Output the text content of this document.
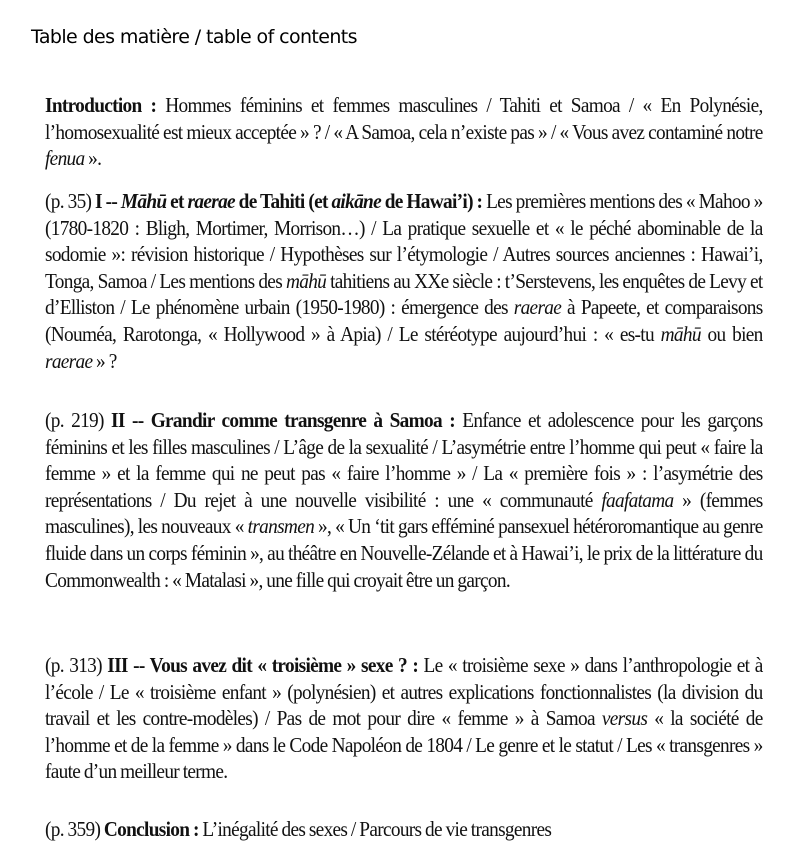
Table des matière / table of contents

Introduction : Hommes féminins et femmes masculines / Tahiti et Samoa / « En Polynésie, l’homosexualité est mieux acceptée » ? / « A Samoa, cela n’existe pas » / « Vous avez contaminé notre fenua ».

(p. 35) I -- Māhū et raerae de Tahiti (et aikāne de Hawai’i) : Les premières mentions des « Mahoo » (1780-1820 : Bligh, Mortimer, Morrison…) / La pratique sexuelle et « le péché abominable de la sodomie »: révision historique / Hypothèses sur l’étymologie / Autres sources anciennes : Hawai’i, Tonga, Samoa / Les mentions des māhū tahitiens au XXe siècle : t’Serstevens, les enquêtes de Levy et d’Elliston / Le phénomène urbain (1950-1980) : émergence des raerae à Papeete, et comparaisons (Nouméa, Rarotonga, « Hollywood » à Apia) / Le stéréotype aujourd’hui : « es-tu māhū ou bien raerae » ?

(p. 219) II -- Grandir comme transgenre à Samoa : Enfance et adolescence pour les garçons féminins et les filles masculines / L’âge de la sexualité / L’asymétrie entre l’homme qui peut « faire la femme » et la femme qui ne peut pas « faire l’homme » / La « première fois » : l’asymétrie des représentations / Du rejet à une nouvelle visibilité : une « communauté faafatama » (femmes masculines), les nouveaux « transmen », « Un ‘tit gars efféminé pansexuel hétéroromantique au genre fluide dans un corps féminin », au théâtre en Nouvelle-Zélande et à Hawai’i, le prix de la littérature du Commonwealth : « Matalasi », une fille qui croyait être un garçon.

(p. 313) III -- Vous avez dit « troisième » sexe ? : Le « troisième sexe » dans l’anthropologie et à l’école / Le « troisième enfant » (polynésien) et autres explications fonctionnalistes (la division du travail et les contre-modèles) / Pas de mot pour dire « femme » à Samoa versus « la société de l’homme et de la femme » dans le Code Napoléon de 1804 / Le genre et le statut / Les « transgenres » faute d’un meilleur terme.

(p. 359) Conclusion : L’inégalité des sexes / Parcours de vie transgenres
